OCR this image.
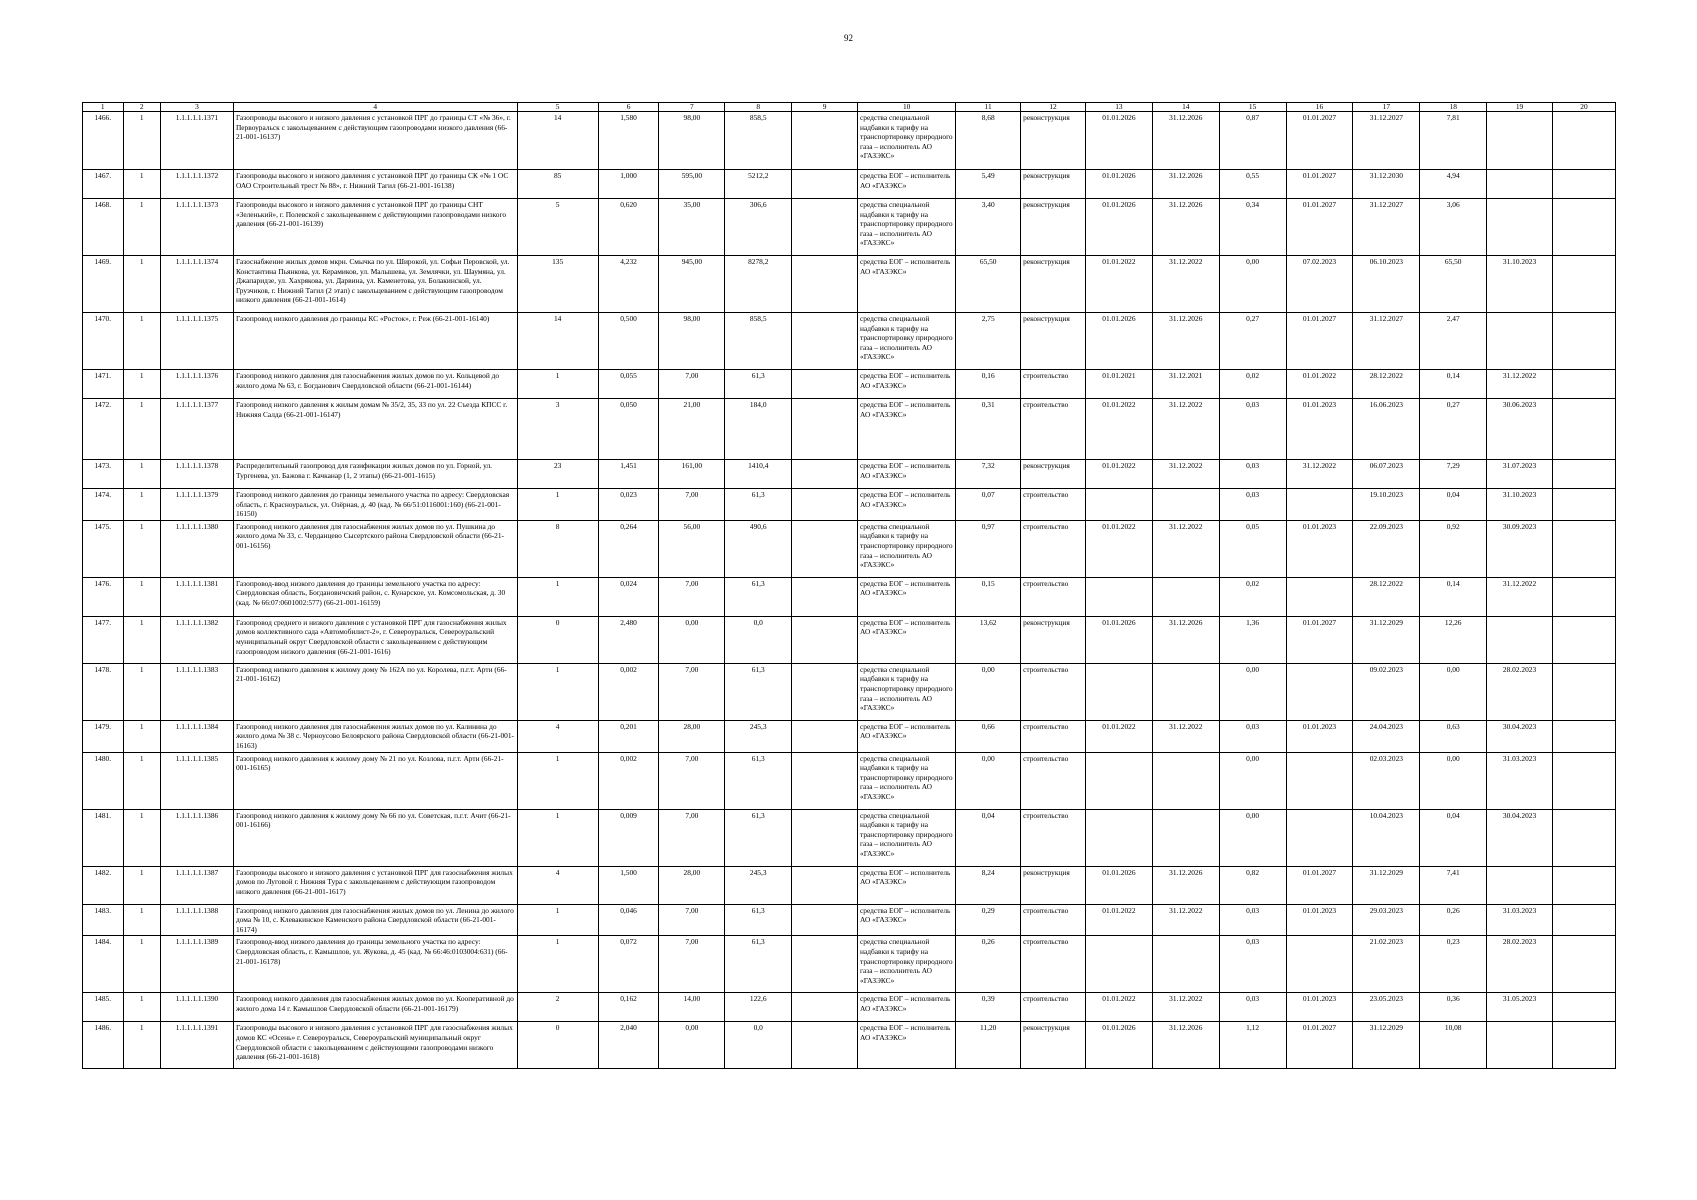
92
1	2	3	4	5	6	7	8	9	10	11	12	13	14	15	16	17	18	19	20
1466.	1	1.1.1.1.1.1371	Газопроводы высокого и низкого давления с установкой ПРГ до границы СТ «№ 36», г. Первоуральск с закольцеванием с действующим газопроводами низкого давления (66-21-001-16137)	14	1,580	98,00	858,5		средства специальной надбавки к тарифу на транспортировку природного газа – исполнитель АО «ГАЗЭКС»	8,68	реконструкция	01.01.2026	31.12.2026	0,87	01.01.2027	31.12.2027	7,81		
1467.	1	1.1.1.1.1.1372	Газопроводы высокого и низкого давления с установкой ПРГ до границы СК «№ 1 ОС ОАО Строительный трест № 88», г. Нижний Тагил (66-21-001-16138)	85	1,000	595,00	5212,2		средства ЕОГ – исполнитель АО «ГАЗЭКС»	5,49	реконструкция	01.01.2026	31.12.2026	0,55	01.01.2027	31.12.2030	4,94		
1468.	1	1.1.1.1.1.1373	Газопроводы высокого и низкого давления с установкой ПРГ до границы СНТ «Зеленький», г. Полевской с закольцеванием с действующими газопроводами низкого давления (66-21-001-16139)	5	0,620	35,00	306,6		средства специальной надбавки к тарифу на транспортировку природного газа – исполнитель АО «ГАЗЭКС»	3,40	реконструкция	01.01.2026	31.12.2026	0,34	01.01.2027	31.12.2027	3,06		
1469.	1	1.1.1.1.1.1374	Газоснабжение жилых домов мкрн. Смычка по ул. Широкой, ул. Софьи Перовской, ул. Константина Пьянкова, ул. Керамиков, ул. Малышева, ул. Землячки, ул. Шаумяна, ул. Джапаридзе, ул. Хахрякова, ул. Дарвина, ул. Каменетова, ул. Болакинской, ул. Грузчиков, г. Нижний Тагил (2 этап) с закольцеванием с действующим газопроводом низкого давления (66-21-001-1614)	135	4,232	945,00	8278,2		средства ЕОГ – исполнитель АО «ГАЗЭКС»	65,50	реконструкция	01.01.2022	31.12.2022	0,00	07.02.2023	06.10.2023	65,50	31.10.2023	
1470.	1	1.1.1.1.1.1375	Газопровод низкого давления до границы КС «Росток», г. Реж (66-21-001-16140)	14	0,500	98,00	858,5		средства специальной надбавки к тарифу на транспортировку природного газа – исполнитель АО «ГАЗЭКС»	2,75	реконструкция	01.01.2026	31.12.2026	0,27	01.01.2027	31.12.2027	2,47		
1471.	1	1.1.1.1.1.1376	Газопровод низкого давления для газоснабжения жилых домов по ул. Кольцевой до жилого дома № 63, г. Богданович Свердловской области (66-21-001-16144)	1	0,055	7,00	61,3		средства ЕОГ – исполнитель АО «ГАЗЭКС»	0,16	строительство	01.01.2021	31.12.2021	0,02	01.01.2022	28.12.2022	0,14	31.12.2022	
1472.	1	1.1.1.1.1.1377	Газопровод низкого давления к жилым домам № 35/2, 35, 33 по ул. 22 Съезда КПСС г. Нижняя Салда (66-21-001-16147)	3	0,050	21,00	184,0		средства ЕОГ – исполнитель АО «ГАЗЭКС»	0,31	строительство	01.01.2022	31.12.2022	0,03	01.01.2023	16.06.2023	0,27	30.06.2023	
1473.	1	1.1.1.1.1.1378	Распределительный газопровод для газификации жилых домов по ул. Горной, ул. Тургенева, ул. Бажова г. Качканар (1, 2 этапы) (66-21-001-1615)	23	1,451	161,00	1410,4		средства ЕОГ – исполнитель АО «ГАЗЭКС»	7,32	реконструкция	01.01.2022	31.12.2022	0,03	31.12.2022	06.07.2023	7,29	31.07.2023	
1474.	1	1.1.1.1.1.1379	Газопровод низкого давления до границы земельного участка по адресу: Свердловская область, г. Красноуральск, ул. Озёрная, д. 40 (кад. № 66/51:0116001:160) (66-21-001-16150)	1	0,023	7,00	61,3		средства ЕОГ – исполнитель АО «ГАЗЭКС»	0,07	строительство			0,03		19.10.2023	0,04	31.10.2023	
1475.	1	1.1.1.1.1.1380	Газопровод низкого давления для газоснабжения жилых домов по ул. Пушкина до жилого дома № 33, с. Черданцево Сысертского района Свердловской области (66-21-001-16156)	8	0,264	56,00	490,6		средства специальной надбавки к тарифу на транспортировку природного газа – исполнитель АО «ГАЗЭКС»	0,97	строительство	01.01.2022	31.12.2022	0,05	01.01.2023	22.09.2023	0,92	30.09.2023	
1476.	1	1.1.1.1.1.1381	Газопровод-ввод низкого давления до границы земельного участка по адресу: Свердловская область, Богдановичский район, с. Кунарское, ул. Комсомольская, д. 30 (кад. № 66:07:0601002:577) (66-21-001-16159)	1	0,024	7,00	61,3		средства ЕОГ – исполнитель АО «ГАЗЭКС»	0,15	строительство			0,02		28.12.2022	0,14	31.12.2022	
1477.	1	1.1.1.1.1.1382	Газопровод среднего и низкого давления с установкой ПРГ для газоснабжения жилых домов коллективного сада «Автомобилист-2», г. Североуральск, Североуральский муниципальный округ Свердловской области с закольцеванием с действующим газопроводом низкого давления (66-21-001-1616)	0	2,480	0,00	0,0		средства ЕОГ – исполнитель АО «ГАЗЭКС»	13,62	реконструкция	01.01.2026	31.12.2026	1,36	01.01.2027	31.12.2029	12,26		
1478.	1	1.1.1.1.1.1383	Газопровод низкого давления к жилому дому № 162А по ул. Королева, п.г.т. Арти (66-21-001-16162)	1	0,002	7,00	61,3		средства специальной надбавки к тарифу на транспортировку природного газа – исполнитель АО «ГАЗЭКС»	0,00	строительство			0,00		09.02.2023	0,00	28.02.2023	
1479.	1	1.1.1.1.1.1384	Газопровод низкого давления для газоснабжения жилых домов по ул. Калинина до жилого дома № 38 с. Черноусово Белоярского района Свердловской области (66-21-001-16163)	4	0,201	28,00	245,3		средства ЕОГ – исполнитель АО «ГАЗЭКС»	0,66	строительство	01.01.2022	31.12.2022	0,03	01.01.2023	24.04.2023	0,63	30.04.2023	
1480.	1	1.1.1.1.1.1385	Газопровод низкого давления к жилому дому № 21 по ул. Козлова, п.г.т. Арти (66-21-001-16165)	1	0,002	7,00	61,3		средства специальной надбавки к тарифу на транспортировку природного газа – исполнитель АО «ГАЗЭКС»	0,00	строительство			0,00		02.03.2023	0,00	31.03.2023	
1481.	1	1.1.1.1.1.1386	Газопровод низкого давления к жилому дому № 66 по ул. Советская, п.г.т. Ачит (66-21-001-16166)	1	0,009	7,00	61,3		средства специальной надбавки к тарифу на транспортировку природного газа – исполнитель АО «ГАЗЭКС»	0,04	строительство			0,00		10.04.2023	0,04	30.04.2023	
1482.	1	1.1.1.1.1.1387	Газопроводы высокого и низкого давления с установкой ПРГ для газоснабжения жилых домов по Луговой г. Нижняя Тура с закольцеванием с действующим газопроводом низкого давления (66-21-001-1617)	4	1,500	28,00	245,3		средства ЕОГ – исполнитель АО «ГАЗЭКС»	8,24	реконструкция	01.01.2026	31.12.2026	0,82	01.01.2027	31.12.2029	7,41		
1483.	1	1.1.1.1.1.1388	Газопровод низкого давления для газоснабжения жилых домов по ул. Ленина до жилого дома № 10, с. Клевакинское Каменского района Свердловской области (66-21-001-16174)	1	0,046	7,00	61,3		средства ЕОГ – исполнитель АО «ГАЗЭКС»	0,29	строительство	01.01.2022	31.12.2022	0,03	01.01.2023	29.03.2023	0,26	31.03.2023	
1484.	1	1.1.1.1.1.1389	Газопровод-ввод низкого давления до границы земельного участка по адресу: Свердловская область, г. Камышлов, ул. Жукова, д. 45 (кад. № 66:46:0103004:631) (66-21-001-16178)	1	0,072	7,00	61,3		средства специальной надбавки к тарифу на транспортировку природного газа – исполнитель АО «ГАЗЭКС»	0,26	строительство			0,03		21.02.2023	0,23	28.02.2023	
1485.	1	1.1.1.1.1.1390	Газопровод низкого давления для газоснабжения жилых домов по ул. Кооперативной до жилого дома 14 г. Камышлов Свердловской области (66-21-001-16179)	2	0,162	14,00	122,6		средства ЕОГ – исполнитель АО «ГАЗЭКС»	0,39	строительство	01.01.2022	31.12.2022	0,03	01.01.2023	23.05.2023	0,36	31.05.2023	
1486.	1	1.1.1.1.1.1391	Газопроводы высокого и низкого давления с установкой ПРГ для газоснабжения жилых домов КС «Осень» г. Североуральск, Североуральский муниципальный округ Свердловской области с закольцеванием с действующими газопроводами низкого давления (66-21-001-1618)	0	2,040	0,00	0,0		средства ЕОГ – исполнитель АО «ГАЗЭКС»	11,20	реконструкция	01.01.2026	31.12.2026	1,12	01.01.2027	31.12.2029	10,08		
